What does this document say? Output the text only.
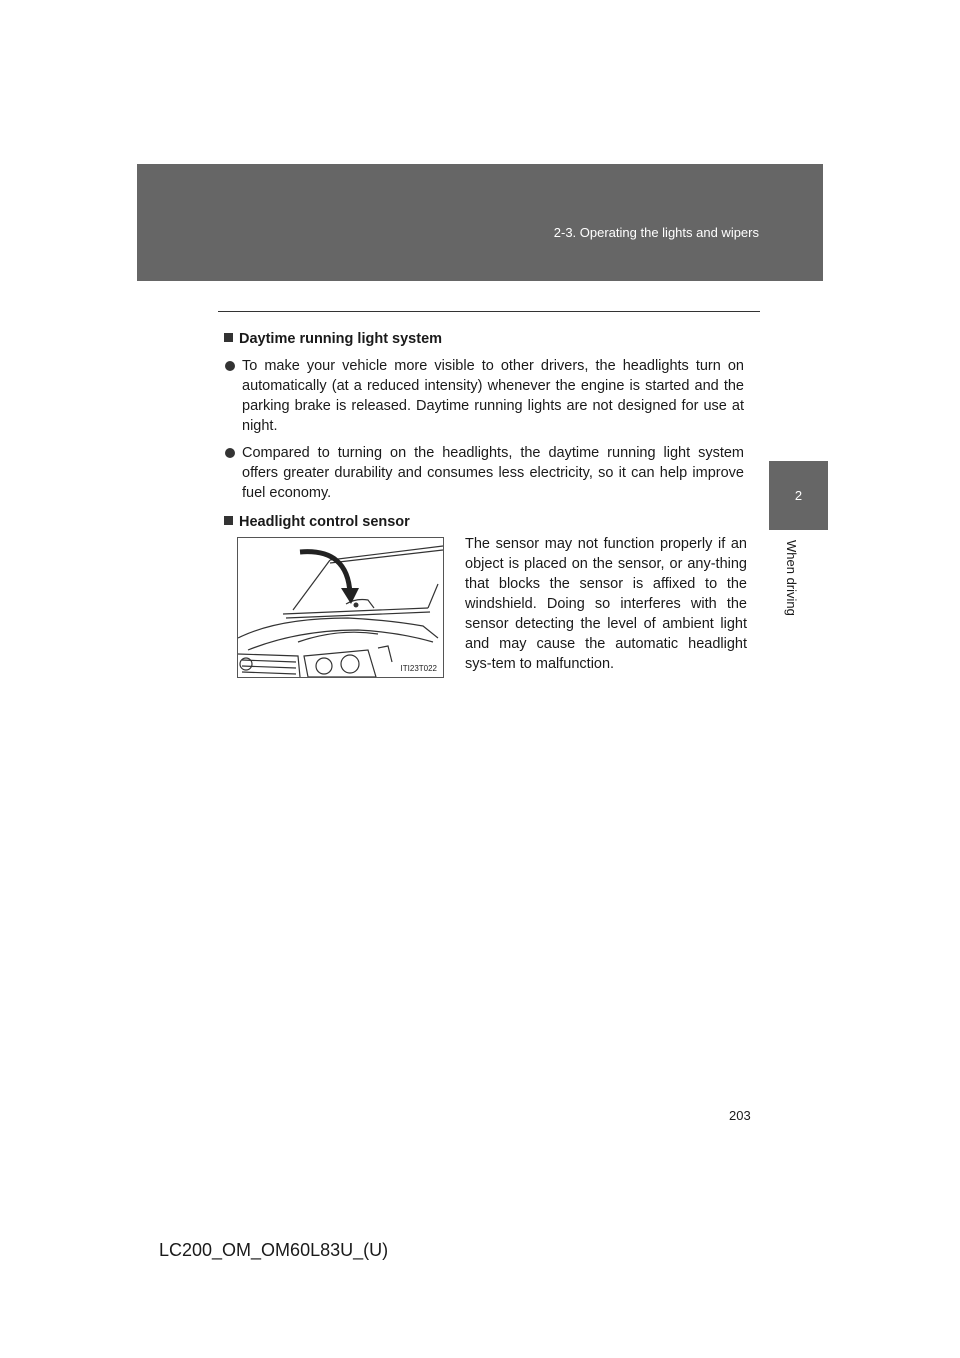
2-3. Operating the lights and wipers
2
When driving
Daytime running light system
To make your vehicle more visible to other drivers, the headlights turn on automatically (at a reduced intensity) whenever the engine is started and the parking brake is released. Daytime running lights are not designed for use at night.
Compared to turning on the headlights, the daytime running light system offers greater durability and consumes less electricity, so it can help improve fuel economy.
Headlight control sensor
ITI23T022
The sensor may not function properly if an object is placed on the sensor, or any-thing that blocks the sensor is affixed to the windshield. Doing so interferes with the sensor detecting the level of ambient light and may cause the automatic headlight sys-tem to malfunction.
203
LC200_OM_OM60L83U_(U)
